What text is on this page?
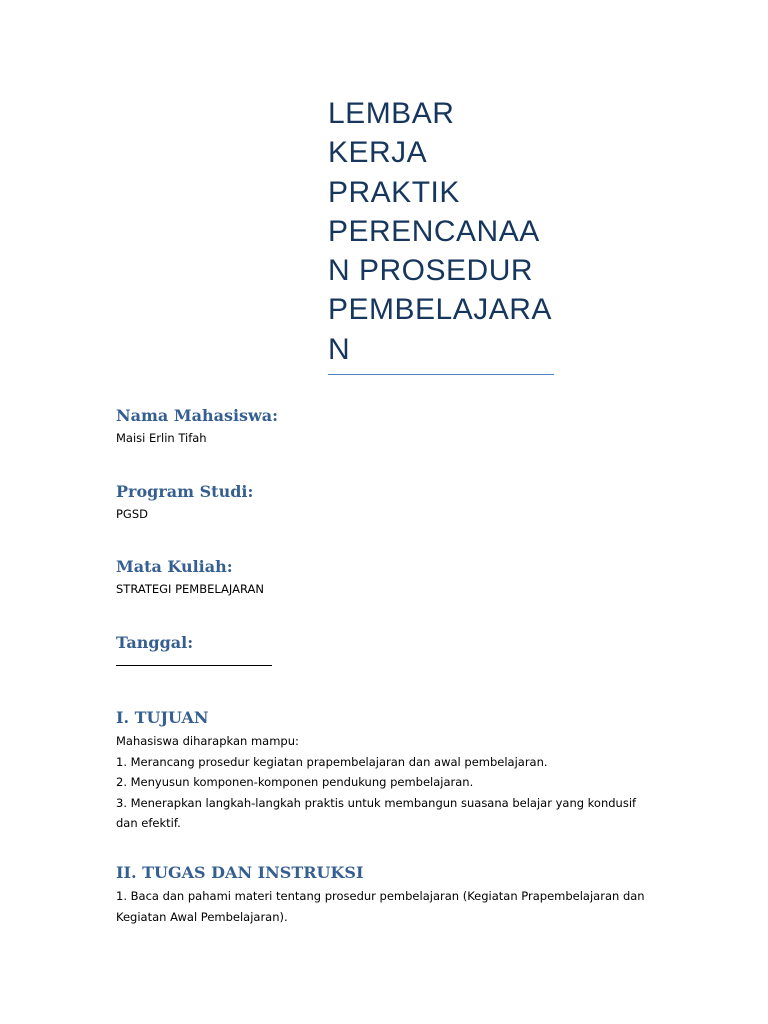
LEMBAR
KERJA
PRAKTIK
PERENCANAA
N PROSEDUR
PEMBELAJARA
N
Nama Mahasiswa:
Maisi Erlin Tifah
Program Studi:
PGSD
Mata Kuliah:
STRATEGI PEMBELAJARAN
Tanggal:
I. TUJUAN
Mahasiswa diharapkan mampu:
1. Merancang prosedur kegiatan prapembelajaran dan awal pembelajaran.
2. Menyusun komponen-komponen pendukung pembelajaran.
3. Menerapkan langkah-langkah praktis untuk membangun suasana belajar yang kondusif dan efektif.
II. TUGAS DAN INSTRUKSI
1. Baca dan pahami materi tentang prosedur pembelajaran (Kegiatan Prapembelajaran dan Kegiatan Awal Pembelajaran).
